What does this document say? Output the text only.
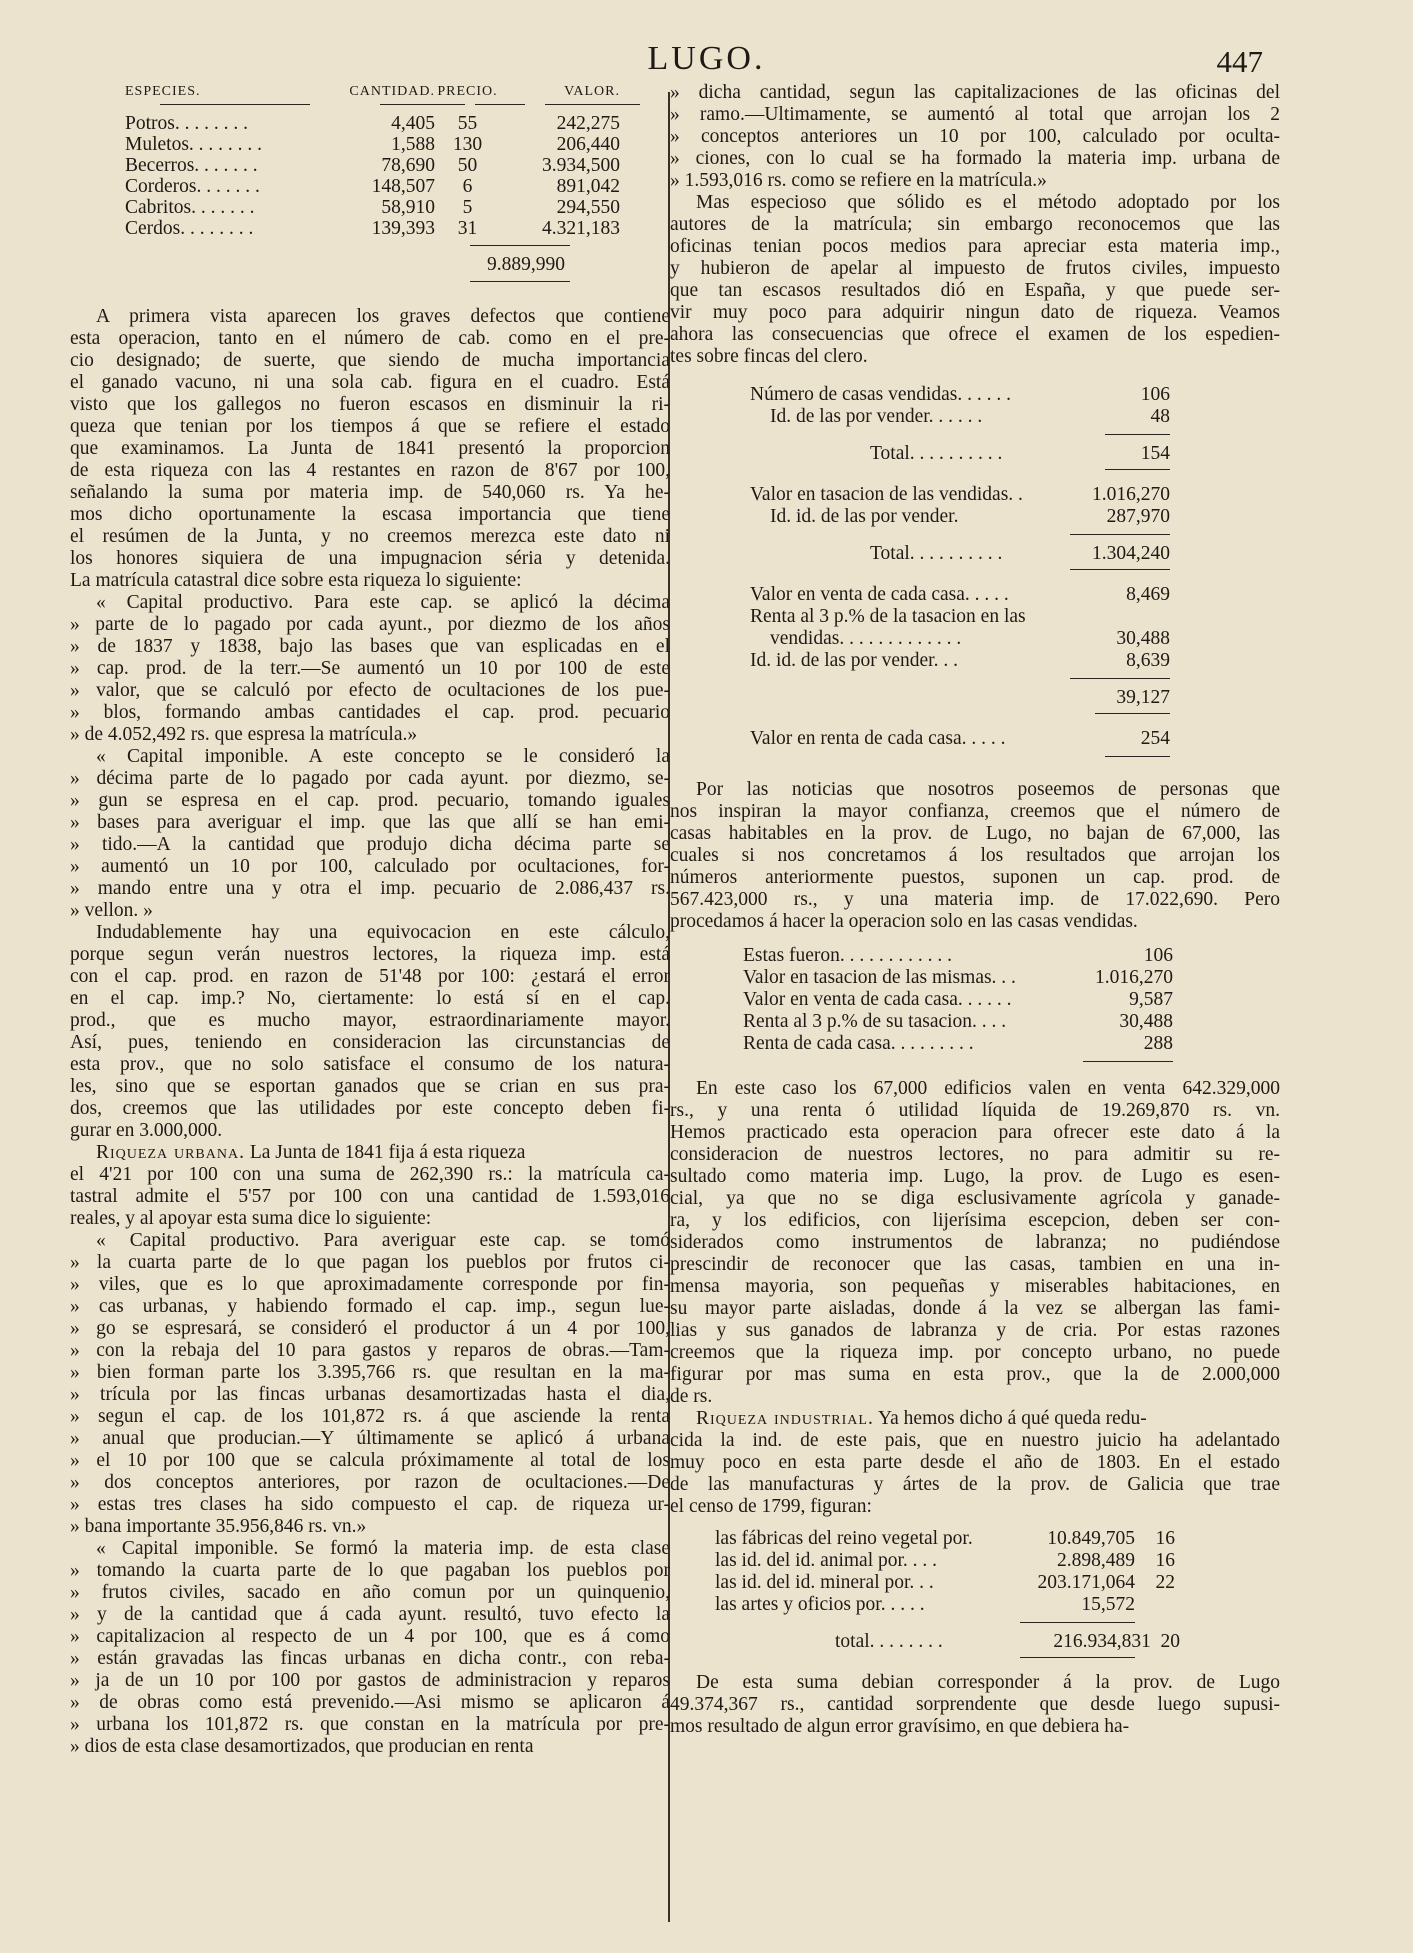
LUGO.	447
ESPECIES.	CANTIDAD. PRECIO.	VALOR.
Potros. . . . . . . .	4,405	55	242,275
Muletos. . . . . . . .	1,588 130	206,440
Becerros. . . . . . .	78,690	50	3.934,500
Corderos. . . . . . .	148,507	6	891,042
Cabritos. . . . . . .	58,910	5	294,550
Cerdos. . . . . . . .	139,393	31	4.321,183
9.889,990
A primera vista aparecen los graves defectos que contiene
esta operacion, tanto en el número de cab. como en el pre-
cio designado; de suerte, que siendo de mucha importancia
el ganado vacuno, ni una sola cab. figura en el cuadro. Está
visto que los gallegos no fueron escasos en disminuir la ri-
queza que tenian por los tiempos á que se refiere el estado
que examinamos. La Junta de 1841 presentó la proporcion
de esta riqueza con las 4 restantes en razon de 8'67 por 100,
señalando la suma por materia imp. de 540,060 rs. Ya he-
mos dicho oportunamente la escasa importancia que tiene
el resúmen de la Junta, y no creemos merezca este dato ni
los honores siquiera de una impugnacion séria y detenida.
La matrícula catastral dice sobre esta riqueza lo siguiente:
« Capital productivo. Para este cap. se aplicó la décima
» parte de lo pagado por cada ayunt., por diezmo de los años
» de 1837 y 1838, bajo las bases que van esplicadas en el
» cap. prod. de la terr.—Se aumentó un 10 por 100 de este
» valor, que se calculó por efecto de ocultaciones de los pue-
» blos, formando ambas cantidades el cap. prod. pecuario
» de 4.052,492 rs. que espresa la matrícula.»
« Capital imponible. A este concepto se le consideró la
» décima parte de lo pagado por cada ayunt. por diezmo, se-
» gun se espresa en el cap. prod. pecuario, tomando iguales
» bases para averiguar el imp. que las que allí se han emi-
» tido.—A la cantidad que produjo dicha décima parte se
» aumentó un 10 por 100, calculado por ocultaciones, for-
» mando entre una y otra el imp. pecuario de 2.086,437 rs.
» vellon. »
Indudablemente hay una equivocacion en este cálculo,
porque segun verán nuestros lectores, la riqueza imp. está
con el cap. prod. en razon de 51'48 por 100: ¿estará el error
en el cap. imp.? No, ciertamente: lo está sí en el cap.
prod., que es mucho mayor, estraordinariamente mayor.
Así, pues, teniendo en consideracion las circunstancias de
esta prov., que no solo satisface el consumo de los natura-
les, sino que se esportan ganados que se crian en sus pra-
dos, creemos que las utilidades por este concepto deben fi-
gurar en 3.000,000.

Riqueza urbana. La Junta de 1841 fija á esta riqueza

el 4'21 por 100 con una suma de 262,390 rs.: la matrícula ca-
tastral admite el 5'57 por 100 con una cantidad de 1.593,016
reales, y al apoyar esta suma dice lo siguiente:
« Capital productivo. Para averiguar este cap. se tomó
» la cuarta parte de lo que pagan los pueblos por frutos ci-
» viles, que es lo que aproximadamente corresponde por fin-
» cas urbanas, y habiendo formado el cap. imp., segun lue-
» go se espresará, se consideró el productor á un 4 por 100,
» con la rebaja del 10 para gastos y reparos de obras.—Tam-
» bien forman parte los 3.395,766 rs. que resultan en la ma-
» trícula por las fincas urbanas desamortizadas hasta el dia,
» segun el cap. de los 101,872 rs. á que asciende la renta
» anual que producian.—Y últimamente se aplicó á urbana
» el 10 por 100 que se calcula próximamente al total de los
» dos conceptos anteriores, por razon de ocultaciones.—De
» estas tres clases ha sido compuesto el cap. de riqueza ur-
» bana importante 35.956,846 rs. vn.»
« Capital imponible. Se formó la materia imp. de esta clase
» tomando la cuarta parte de lo que pagaban los pueblos por
» frutos civiles, sacado en año comun por un quinquenio,
» y de la cantidad que á cada ayunt. resultó, tuvo efecto la
» capitalizacion al respecto de un 4 por 100, que es á como
» están gravadas las fincas urbanas en dicha contr., con reba-
» ja de un 10 por 100 por gastos de administracion y reparos
» de obras como está prevenido.—Asi mismo se aplicaron á
» urbana los 101,872 rs. que constan en la matrícula por pre-
» dios de esta clase desamortizados, que producian en renta
» dicha cantidad, segun las capitalizaciones de las oficinas del
» ramo.—Ultimamente, se aumentó al total que arrojan los 2
» conceptos anteriores un 10 por 100, calculado por oculta-
» ciones, con lo cual se ha formado la materia imp. urbana de
» 1.593,016 rs. como se refiere en la matrícula.»
Mas especioso que sólido es el método adoptado por los
autores de la matrícula; sin embargo reconocemos que las
oficinas tenian pocos medios para apreciar esta materia imp.,
y hubieron de apelar al impuesto de frutos civiles, impuesto
que tan escasos resultados dió en España, y que puede ser-
vir muy poco para adquirir ningun dato de riqueza. Veamos
ahora las consecuencias que ofrece el examen de los espedien-
tes sobre fincas del clero.
Número de casas vendidas. . . . . .	106
Id. de las por vender. . . . . .	48
Total. . . . . . . . . .	154
Valor en tasacion de las vendidas. .	1.016,270
Id. id. de las por vender.	287,970
Total. . . . . . . . . .	1.304,240
Valor en venta de cada casa. . . . .	8,469
Renta al 3 p.% de la tasacion en las
vendidas. . . . . . . . . . . . .	30,488
Id. id. de las por vender. . .	8,639
39,127
Valor en renta de cada casa. . . . .	254
Por las noticias que nosotros poseemos de personas que
nos inspiran la mayor confianza, creemos que el número de
casas habitables en la prov. de Lugo, no bajan de 67,000, las
cuales si nos concretamos á los resultados que arrojan los
números anteriormente puestos, suponen un cap. prod. de
567.423,000 rs., y una materia imp. de 17.022,690. Pero
procedamos á hacer la operacion solo en las casas vendidas.
Estas fueron. . . . . . . . . . . .	106
Valor en tasacion de las mismas. . .	1.016,270
Valor en venta de cada casa. . . . . .	9,587
Renta al 3 p.% de su tasacion. . . .	30,488
Renta de cada casa. . . . . . . . .	288
En este caso los 67,000 edificios valen en venta 642.329,000
rs., y una renta ó utilidad líquida de 19.269,870 rs. vn.
Hemos practicado esta operacion para ofrecer este dato á la
consideracion de nuestros lectores, no para admitir su re-
sultado como materia imp. Lugo, la prov. de Lugo es esen-
cial, ya que no se diga esclusivamente agrícola y ganade-
ra, y los edificios, con lijerísima escepcion, deben ser con-
siderados como instrumentos de labranza; no pudiéndose
prescindir de reconocer que las casas, tambien en una in-
mensa mayoria, son pequeñas y miserables habitaciones, en
su mayor parte aisladas, donde á la vez se albergan las fami-
lias y sus ganados de labranza y de cria. Por estas razones
creemos que la riqueza imp. por concepto urbano, no puede
figurar por mas suma en esta prov., que la de 2.000,000
de rs.

Riqueza industrial. Ya hemos dicho á qué queda redu-

cida la ind. de este pais, que en nuestro juicio ha adelantado
muy poco en esta parte desde el año de 1803. En el estado
de las manufacturas y ártes de la prov. de Galicia que trae
el censo de 1799, figuran:
las fábricas del reino vegetal por.	10.849,705	16
las id. del id. animal por. . . .	2.898,489	16
las id. del id. mineral por. . .	203.171,064	22
las artes y oficios por. . . . .	15,572
total. . . . . . . .	216.934,831 20
De esta suma debian corresponder á la prov. de Lugo
49.374,367 rs., cantidad sorprendente que desde luego supusi-
mos resultado de algun error gravísimo, en que debiera ha-
